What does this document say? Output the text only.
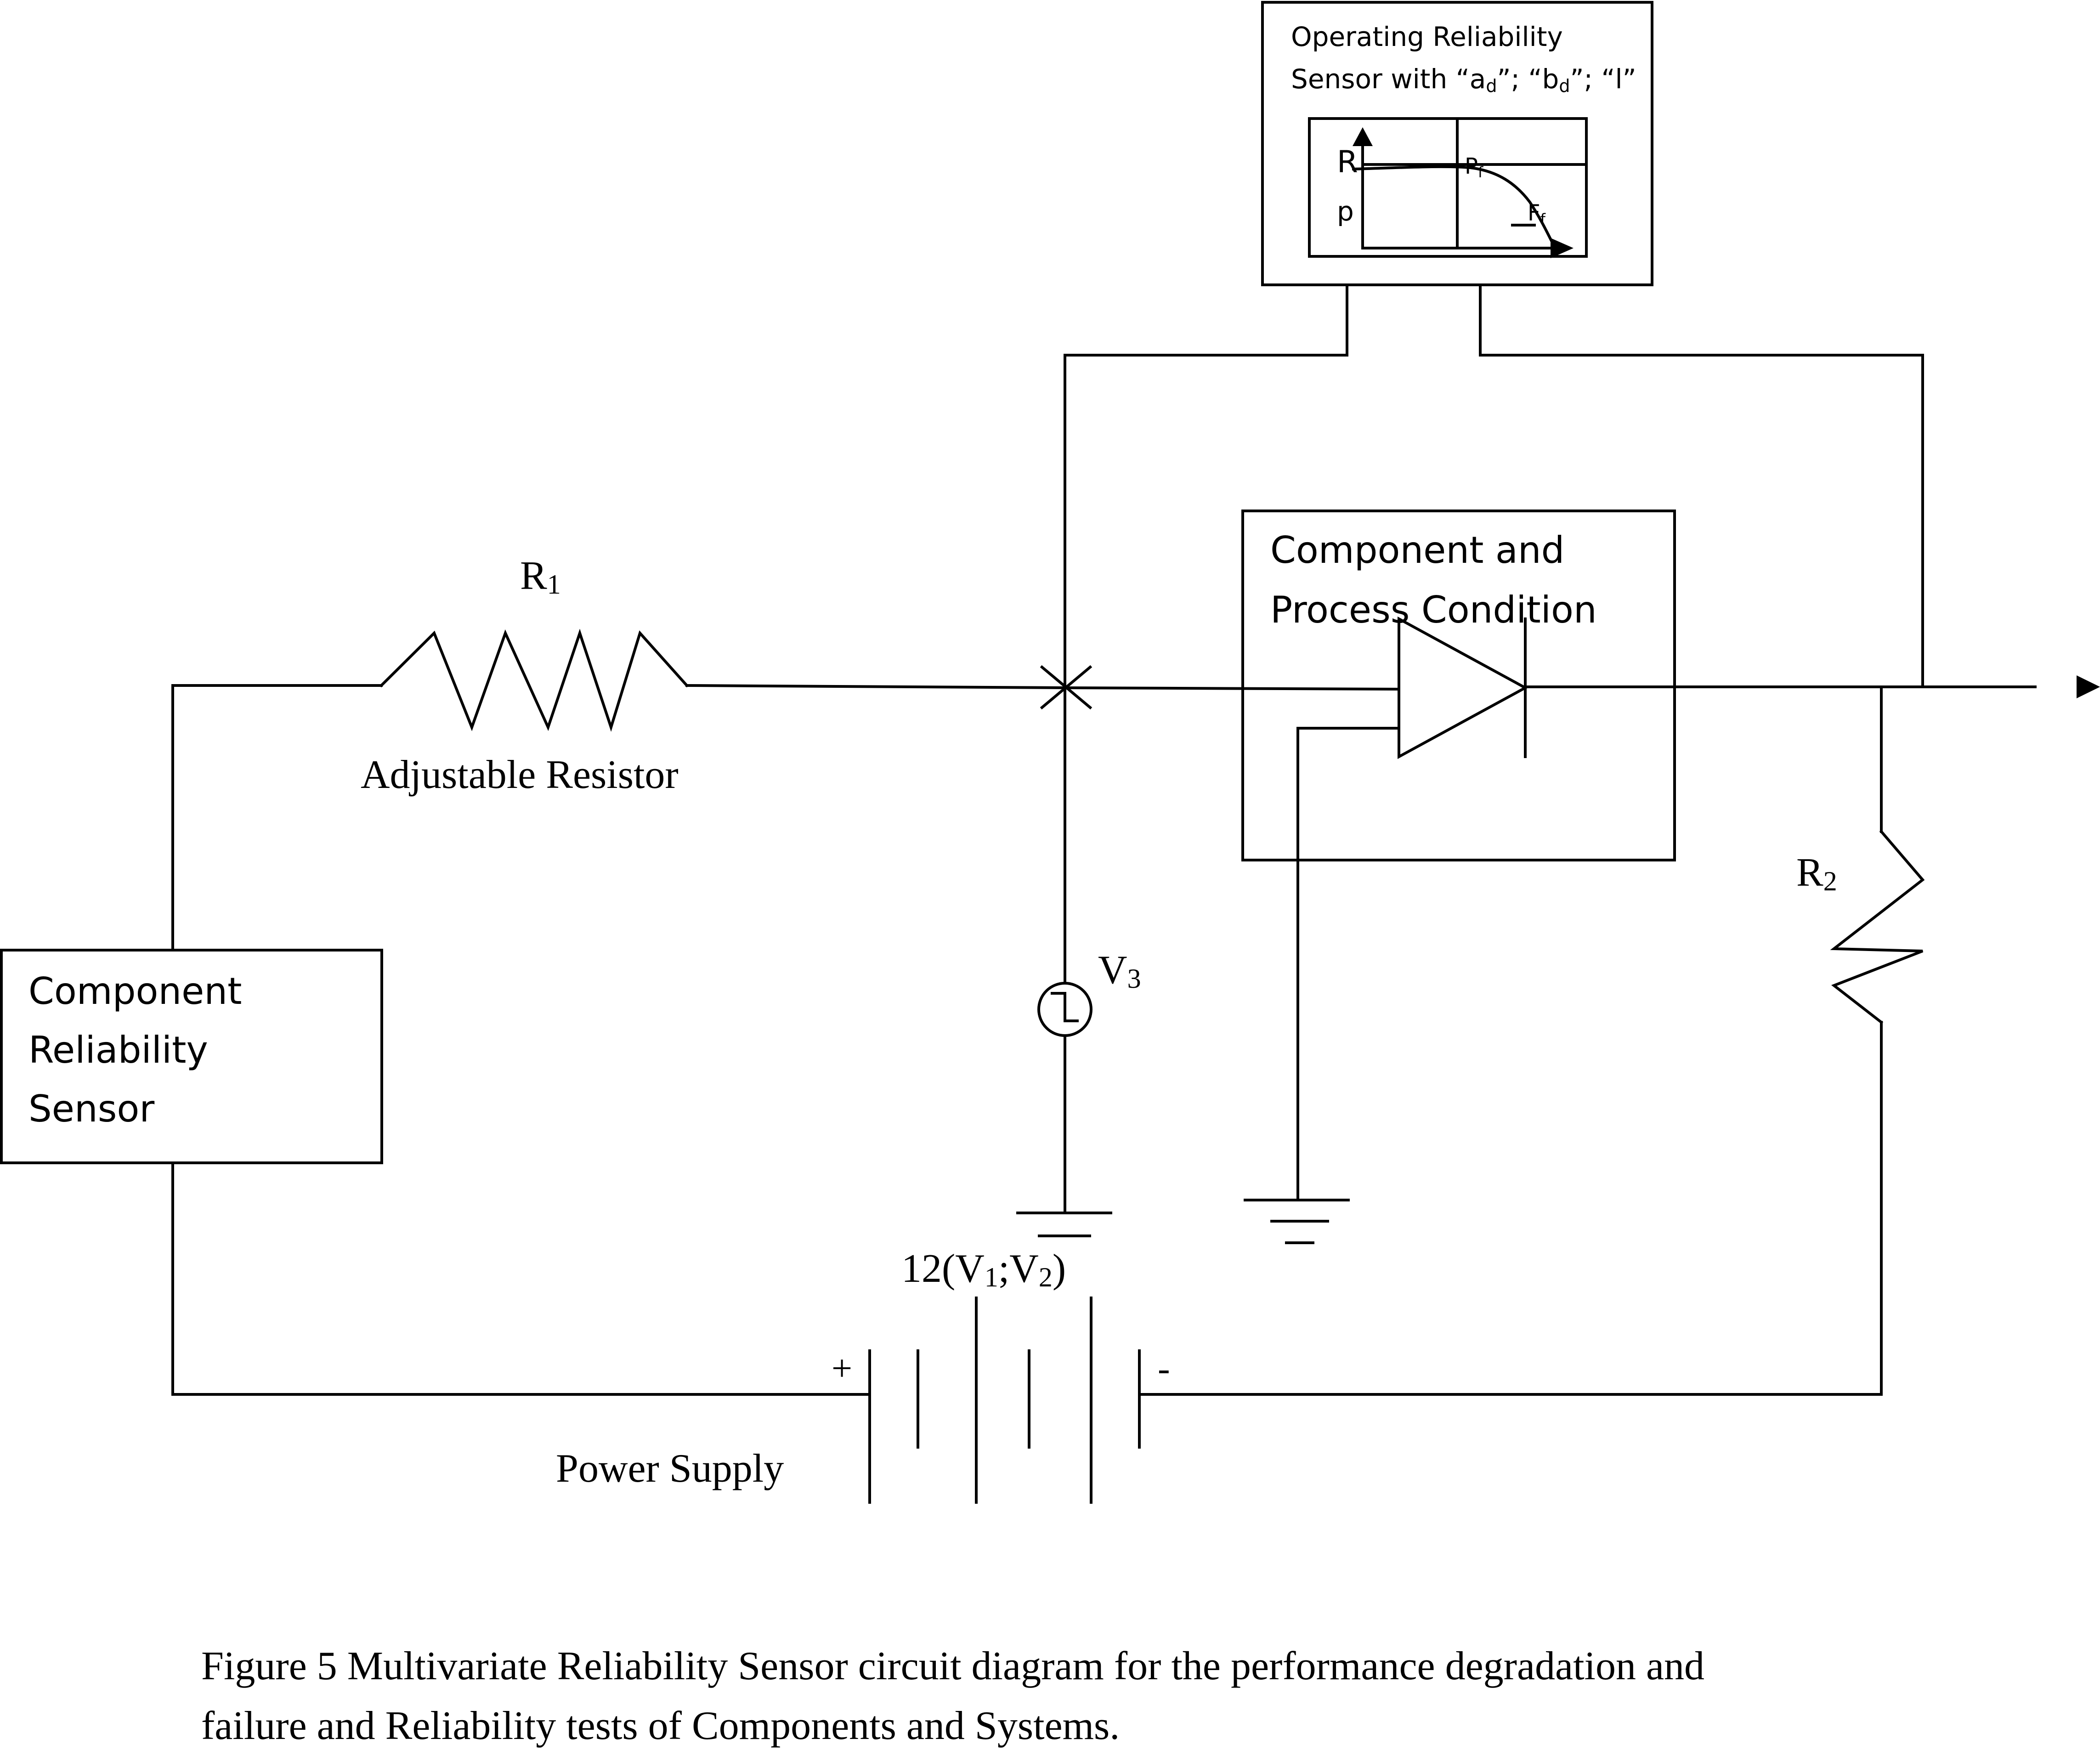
Operating Reliability
Sensor with “ad”; “bd”; “l”
R
p
Pf
Ff
R1
Adjustable Resistor
Component and
Process Condition
V3
R2
Component
Reliability
Sensor
12(V1;V2)
+	-
Power Supply
Figure 5 Multivariate Reliability Sensor circuit diagram for the performance degradation and
failure and Reliability tests of Components and Systems.
